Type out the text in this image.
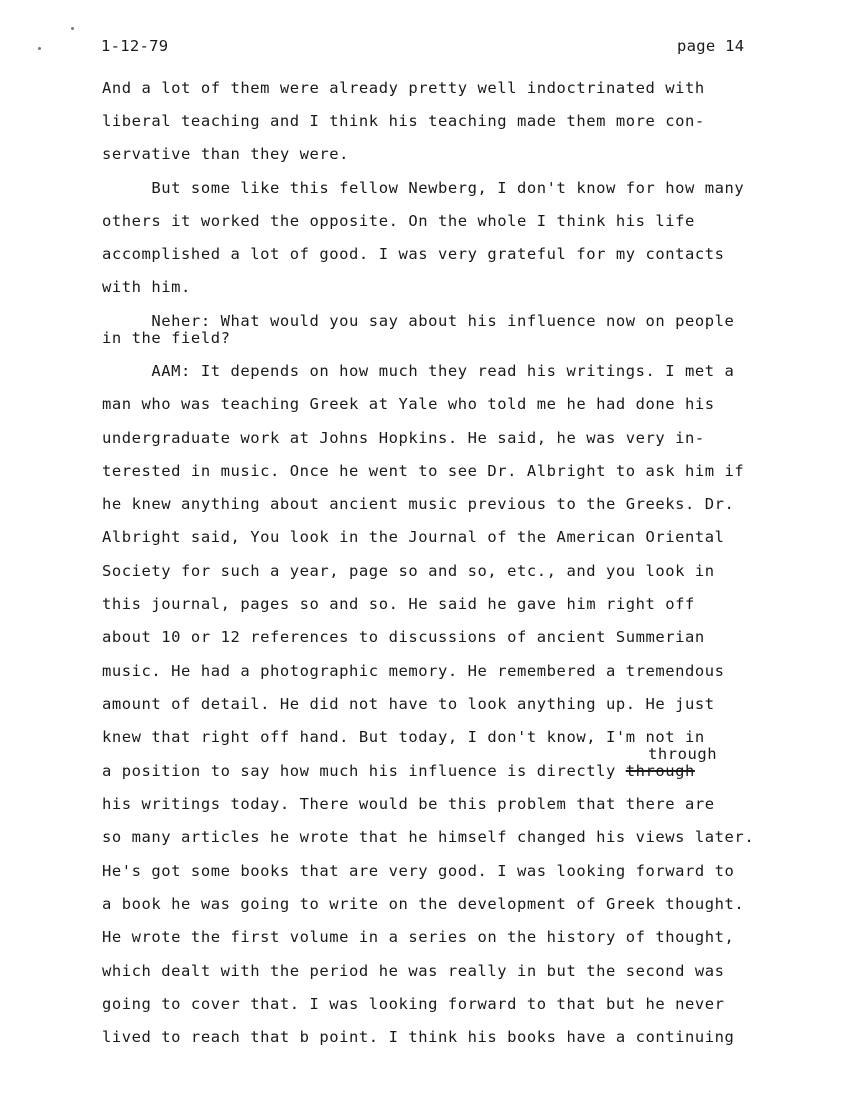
1-12-79	page 14
And a lot of them were already pretty well indoctrinated with
liberal teaching and I think his teaching made them more con-
servative than they were.
But some like this fellow Newberg, I don't know for how many
others it worked the opposite. On the whole I think his life
accomplished a lot of good. I was very grateful for my contacts
with him.
Neher: What would you say about his influence now on people
in the field?
AAM: It depends on how much they read his writings. I met a
man who was teaching Greek at Yale who told me he had done his
undergraduate work at Johns Hopkins. He said, he was very in-
terested in music. Once he went to see Dr. Albright to ask him if
he knew anything about ancient music previous to the Greeks. Dr.
Albright said, You look in the Journal of the American Oriental
Society for such a year, page so and so, etc., and you look in
this journal, pages so and so. He said he gave him right off
about 10 or 12 references to discussions of ancient Summerian
music. He had a photographic memory. He remembered a tremendous
amount of detail. He did not have to look anything up. He just
knew that right off hand. But today, I don't know, I'm not in
a position to say how much his influence is directly through
his writings today. There would be this problem that there are
so many articles he wrote that he himself changed his views later.
He's got some books that are very good. I was looking forward to
a book he was going to write on the development of Greek thought.
He wrote the first volume in a series on the history of thought,
which dealt with the period he was really in but the second was
going to cover that. I was looking forward to that but he never
lived to reach that b point. I think his books have a continuing
through
